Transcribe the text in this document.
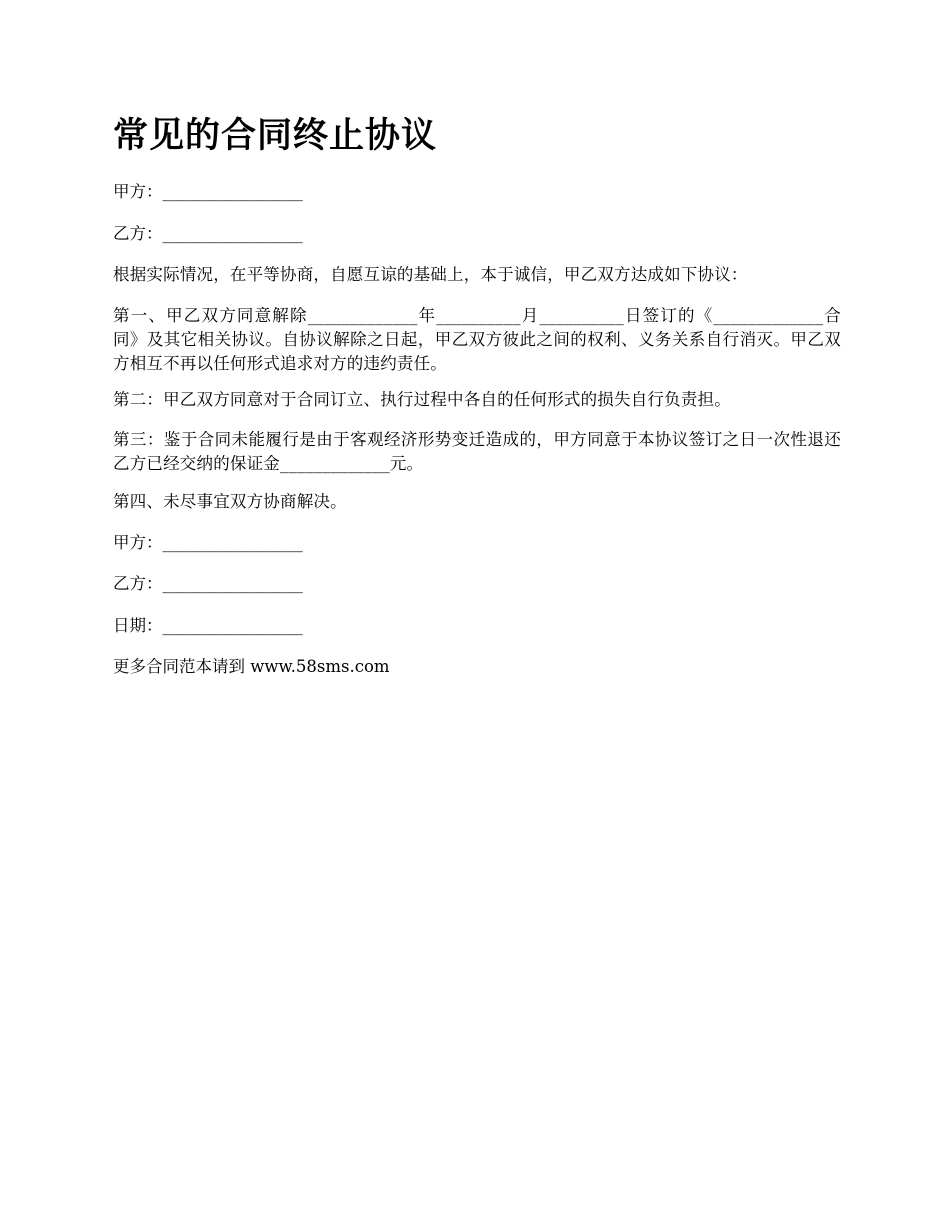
常见的合同终止协议
甲方：_________________
乙方：_________________
根据实际情况，在平等协商，自愿互谅的基础上，本于诚信，甲乙双方达成如下协议：
第一、甲乙双方同意解除_____________年__________月__________日签订的《_____________合同》及其它相关协议。自协议解除之日起，甲乙双方彼此之间的权利、义务关系自行消灭。甲乙双方相互不再以任何形式追求对方的违约责任。
第二：甲乙双方同意对于合同订立、执行过程中各自的任何形式的损失自行负责担。
第三：鉴于合同未能履行是由于客观经济形势变迁造成的，甲方同意于本协议签订之日一次性退还乙方已经交纳的保证金_____________元。
第四、未尽事宜双方协商解决。
甲方：_________________
乙方：_________________
日期：_________________
更多合同范本请到 www.58sms.com
